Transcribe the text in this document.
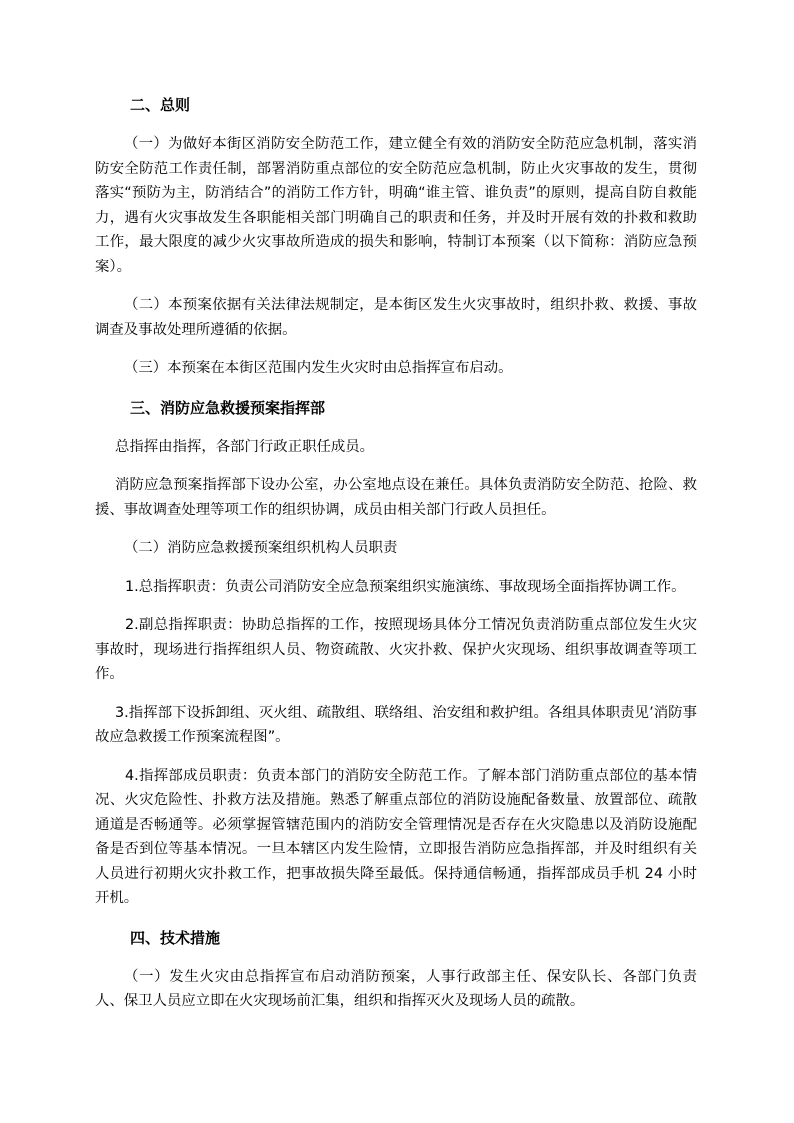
二、总则
（一）为做好本街区消防安全防范工作，建立健全有效的消防安全防范应急机制，落实消防安全防范工作责任制，部署消防重点部位的安全防范应急机制，防止火灾事故的发生，贯彻落实“预防为主，防消结合”的消防工作方针，明确“谁主管、谁负责”的原则，提高自防自救能力，遇有火灾事故发生各职能相关部门明确自己的职责和任务，并及时开展有效的扑救和救助工作，最大限度的减少火灾事故所造成的损失和影响，特制订本预案（以下简称：消防应急预案）。
（二）本预案依据有关法律法规制定，是本街区发生火灾事故时，组织扑救、救援、事故调查及事故处理所遵循的依据。
（三）本预案在本街区范围内发生火灾时由总指挥宣布启动。
三、消防应急救援预案指挥部
总指挥由指挥，各部门行政正职任成员。
消防应急预案指挥部下设办公室，办公室地点设在兼任。具体负责消防安全防范、抢险、救援、事故调查处理等项工作的组织协调，成员由相关部门行政人员担任。
（二）消防应急救援预案组织机构人员职责
1.总指挥职责：负责公司消防安全应急预案组织实施演练、事故现场全面指挥协调工作。
2.副总指挥职责：协助总指挥的工作，按照现场具体分工情况负责消防重点部位发生火灾事故时，现场进行指挥组织人员、物资疏散、火灾扑救、保护火灾现场、组织事故调查等项工作。
3.指挥部下设拆卸组、灭火组、疏散组、联络组、治安组和救护组。各组具体职责见’消防事故应急救援工作预案流程图”。
4.指挥部成员职责：负责本部门的消防安全防范工作。了解本部门消防重点部位的基本情况、火灾危险性、扑救方法及措施。熟悉了解重点部位的消防设施配备数量、放置部位、疏散通道是否畅通等。必须掌握管辖范围内的消防安全管理情况是否存在火灾隐患以及消防设施配备是否到位等基本情况。一旦本辖区内发生险情，立即报告消防应急指挥部，并及时组织有关人员进行初期火灾扑救工作，把事故损失降至最低。保持通信畅通，指挥部成员手机 24 小时开机。
四、技术措施
（一）发生火灾由总指挥宣布启动消防预案，人事行政部主任、保安队长、各部门负责人、保卫人员应立即在火灾现场前汇集，组织和指挥灭火及现场人员的疏散。
